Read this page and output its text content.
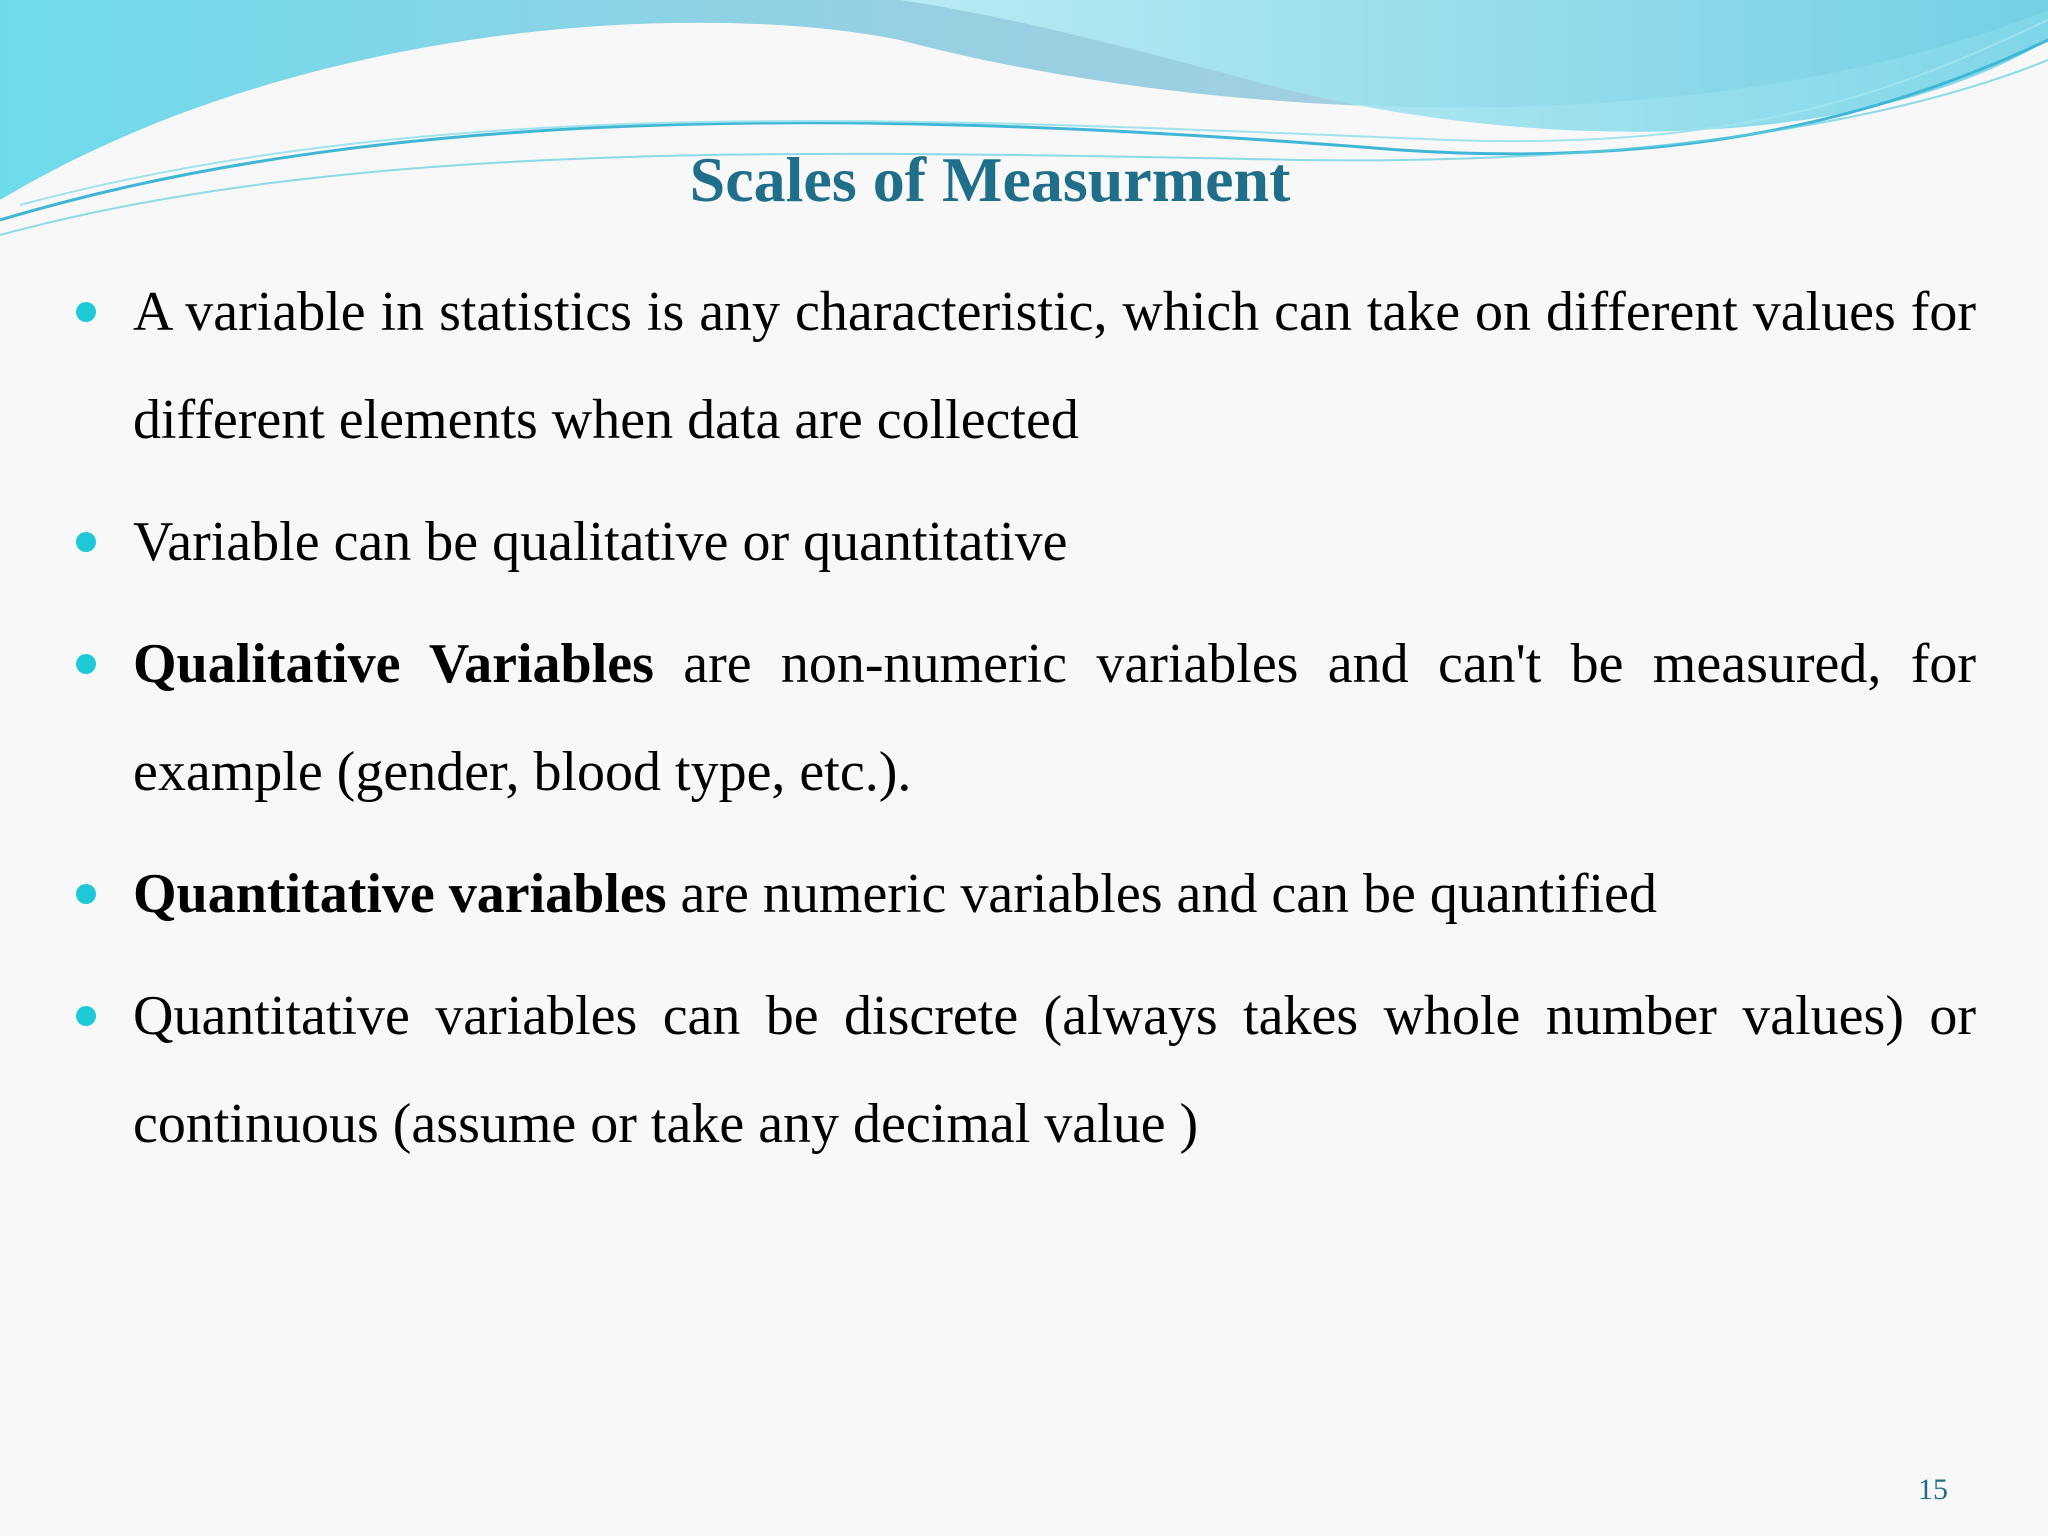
Scales of Measurment
A variable in statistics is any characteristic, which can take on different values for different elements when data are collected
Variable can be qualitative or quantitative
Qualitative Variables are non-numeric variables and can't be measured, for example (gender, blood type, etc.).
Quantitative variables are numeric variables and can be quantified
Quantitative variables can be discrete (always takes whole number values) or continuous (assume or take any decimal value )
15
